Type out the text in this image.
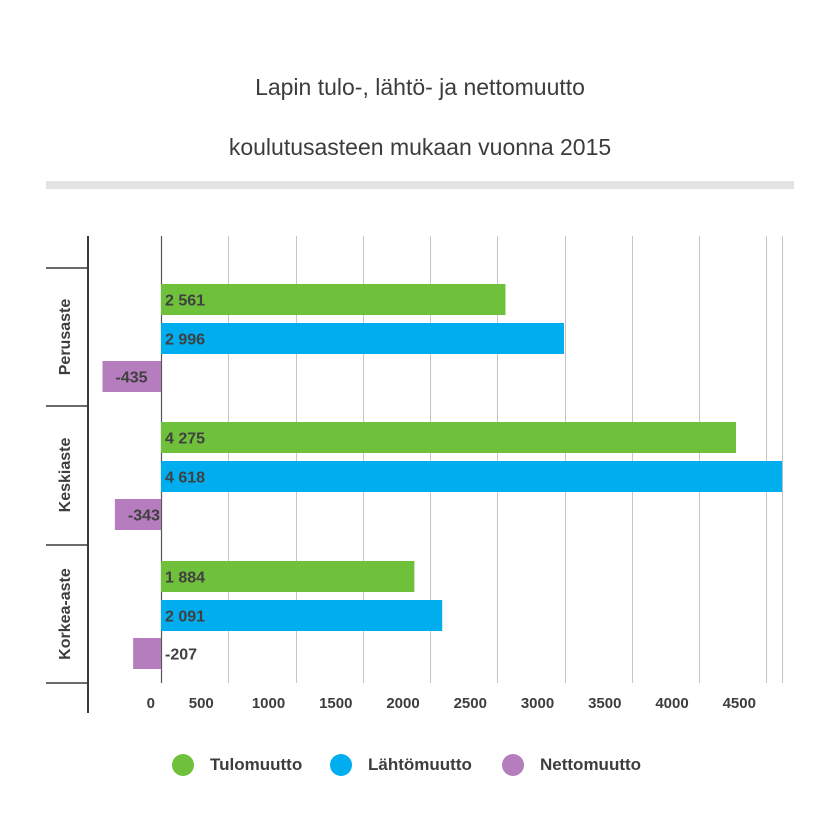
Lapin tulo-, lähtö- ja nettomuutto
koulutusasteen mukaan vuonna 2015
2 561
2 996
-435
4 275
4 618
-343
1 884
2 091
-207
0 500	1000 1500 2000 2500 3000 3500 4000 4500
Perusaste
Keskiaste
Korkea-aste
Tulomuutto	Lähtömuutto	Nettomuutto
